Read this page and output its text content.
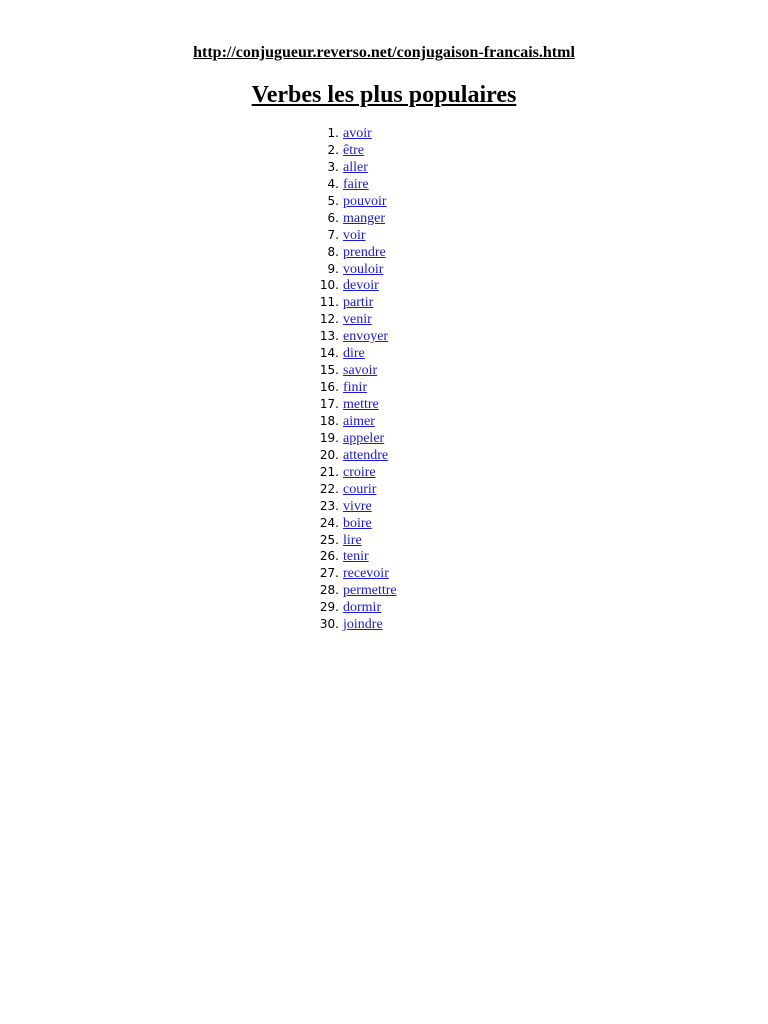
http://conjugueur.reverso.net/conjugaison-francais.html
Verbes les plus populaires
1. avoir
2. être
3. aller
4. faire
5. pouvoir
6. manger
7. voir
8. prendre
9. vouloir
10. devoir
11. partir
12. venir
13. envoyer
14. dire
15. savoir
16. finir
17. mettre
18. aimer
19. appeler
20. attendre
21. croire
22. courir
23. vivre
24. boire
25. lire
26. tenir
27. recevoir
28. permettre
29. dormir
30. joindre
